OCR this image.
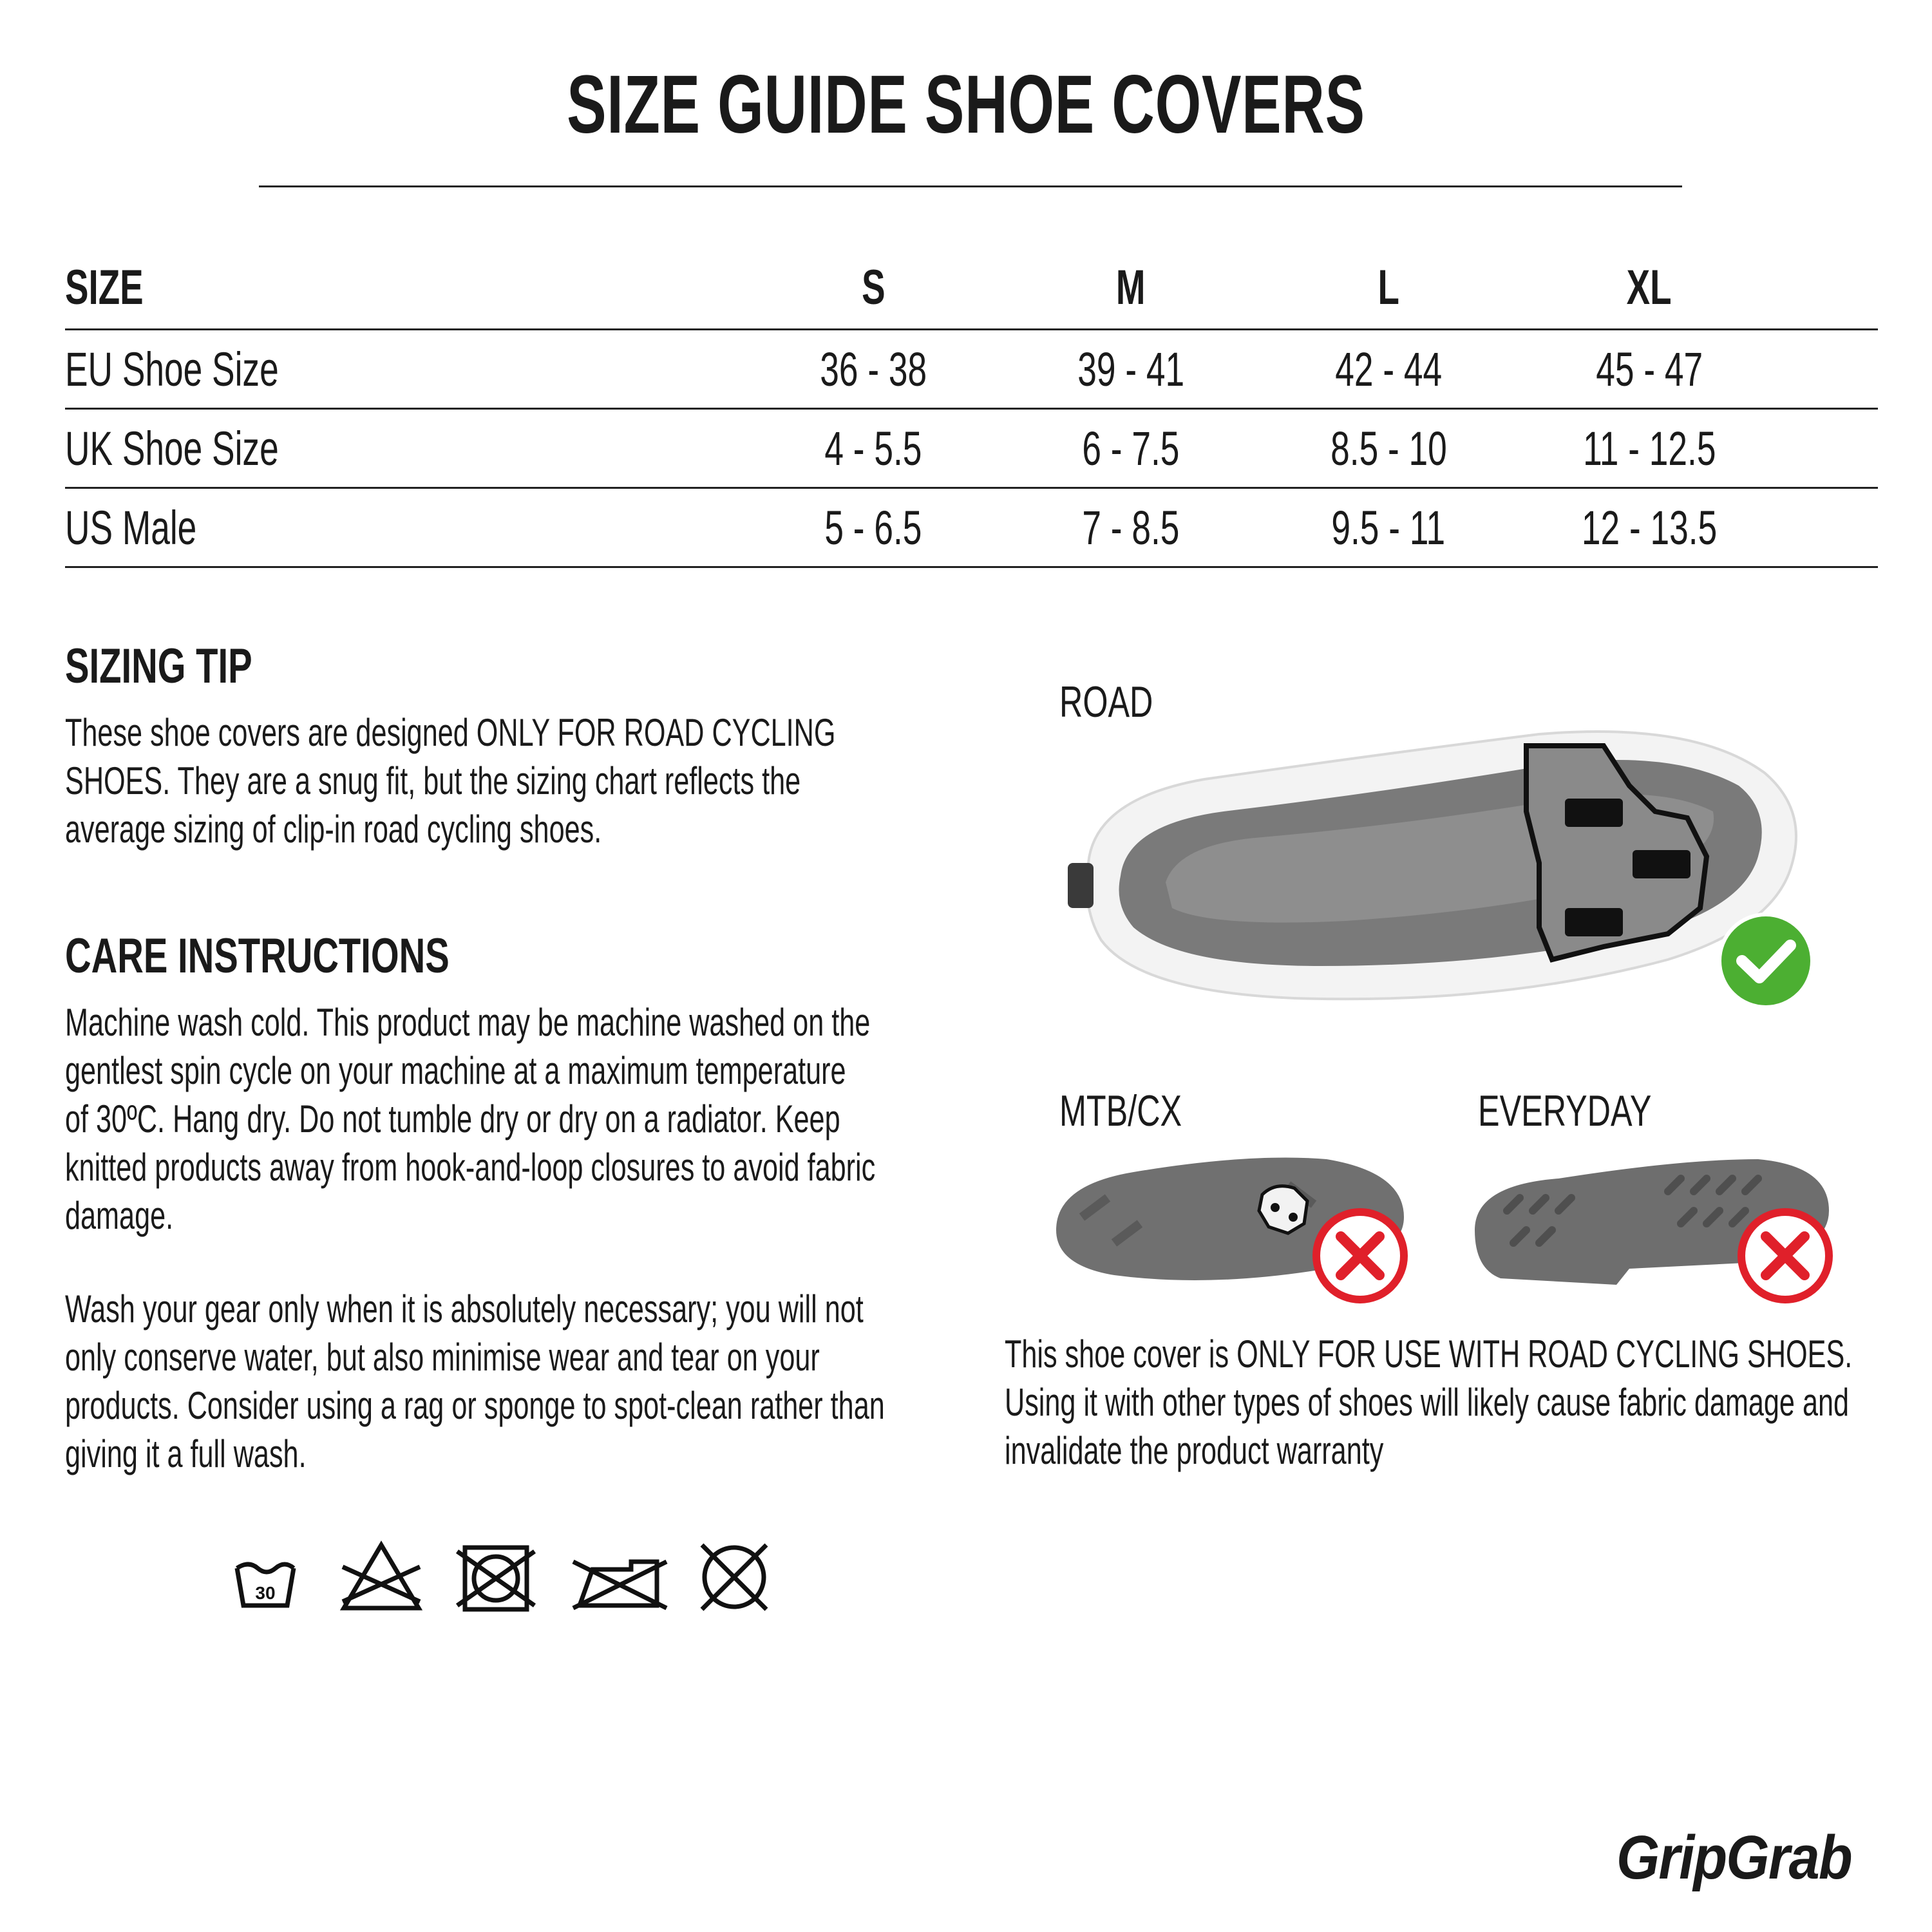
SIZE GUIDE SHOE COVERS
SIZE	S	M	L	XL
EU Shoe Size	36 - 38	39 - 41	42 - 44	45 - 47
UK Shoe Size	4 - 5.5	6 - 7.5	8.5 - 10	11 - 12.5
US Male	5 - 6.5	7 - 8.5	9.5 - 11	12 - 13.5
SIZING TIP
These shoe covers are designed ONLY FOR ROAD CYCLING
SHOES. They are a snug fit, but the sizing chart reflects the
average sizing of clip-in road cycling shoes.
CARE INSTRUCTIONS
Machine wash cold. This product may be machine washed on the
gentlest spin cycle on your machine at a maximum temperature
of 30ºC. Hang dry. Do not tumble dry or dry on a radiator. Keep
knitted products away from hook-and-loop closures to avoid fabric
damage.
Wash your gear only when it is absolutely necessary; you will not
only conserve water, but also minimise wear and tear on your
products. Consider using a rag or sponge to spot-clean rather than
giving it a full wash.
30
ROAD
MTB/CX	EVERYDAY
This shoe cover is ONLY FOR USE WITH ROAD CYCLING SHOES.
Using it with other types of shoes will likely cause fabric damage and
invalidate the product warranty
GripGrab
